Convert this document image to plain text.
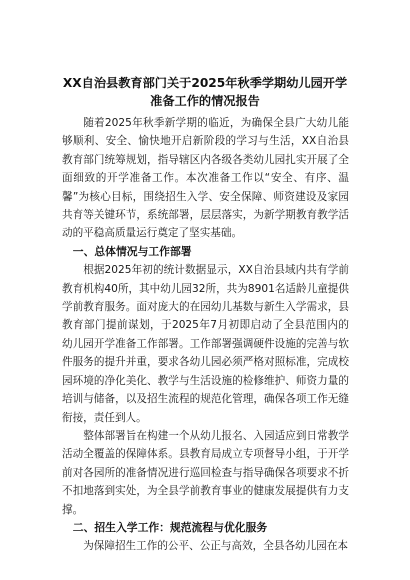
XX自治县教育部门关于2025年秋季学期幼儿园开学准备工作的情况报告

随着2025年秋季新学期的临近，为确保全县广大幼儿能够顺利、安全、愉快地开启新阶段的学习与生活，XX自治县教育部门统筹规划，指导辖区内各级各类幼儿园扎实开展了全面细致的开学准备工作。本次准备工作以“安全、有序、温馨”为核心目标，围绕招生入学、安全保障、师资建设及家园共育等关键环节，系统部署，层层落实，为新学期教育教学活动的平稳高质量运行奠定了坚实基础。

一、总体情况与工作部署

根据2025年初的统计数据显示，XX自治县域内共有学前教育机构40所，其中幼儿园32所，共为8901名适龄儿童提供学前教育服务。面对庞大的在园幼儿基数与新生入学需求，县教育部门提前谋划，于2025年7月初即启动了全县范围内的幼儿园开学准备工作部署。工作部署强调硬件设施的完善与软件服务的提升并重，要求各幼儿园必须严格对照标准，完成校园环境的净化美化、教学与生活设施的检修维护、师资力量的培训与储备，以及招生流程的规范化管理，确保各项工作无缝衔接，责任到人。

整体部署旨在构建一个从幼儿报名、入园适应到日常教学活动全覆盖的保障体系。县教育局成立专项督导小组，于开学前对各园所的准备情况进行巡回检查与指导确保各项要求不折不扣地落到实处，为全县学前教育事业的健康发展提供有力支撑。

二、招生入学工作：规范流程与优化服务

为保障招生工作的公平、公正与高效，全县各幼儿园在本
